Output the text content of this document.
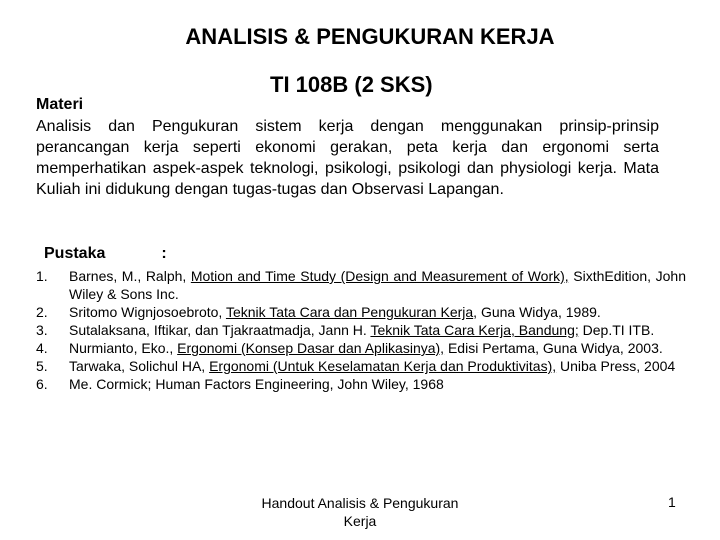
ANALISIS & PENGUKURAN KERJA
TI 108B (2 SKS)
Materi
Analisis dan Pengukuran sistem kerja dengan menggunakan prinsip-prinsip perancangan kerja seperti ekonomi gerakan, peta kerja dan ergonomi serta memperhatikan aspek-aspek teknologi, psikologi, psikologi dan physiologi kerja. Mata Kuliah ini didukung dengan tugas-tugas dan Observasi Lapangan.
Pustaka	:
1.	Barnes, M., Ralph, Motion and Time Study (Design and Measurement of Work), SixthEdition, John Wiley & Sons Inc.
2.	Sritomo Wignjosoebroto, Teknik Tata Cara dan Pengukuran Kerja, Guna Widya, 1989.
3.	Sutalaksana, Iftikar, dan Tjakraatmadja, Jann H. Teknik Tata Cara Kerja, Bandung; Dep.TI ITB.
4.	Nurmianto, Eko., Ergonomi (Konsep Dasar dan Aplikasinya), Edisi Pertama, Guna Widya, 2003.
5.	Tarwaka, Solichul HA, Ergonomi (Untuk Keselamatan Kerja dan Produktivitas), Uniba Press, 2004
6.	Me. Cormick; Human Factors Engineering, John Wiley, 1968
Handout Analisis & Pengukuran Kerja
1
